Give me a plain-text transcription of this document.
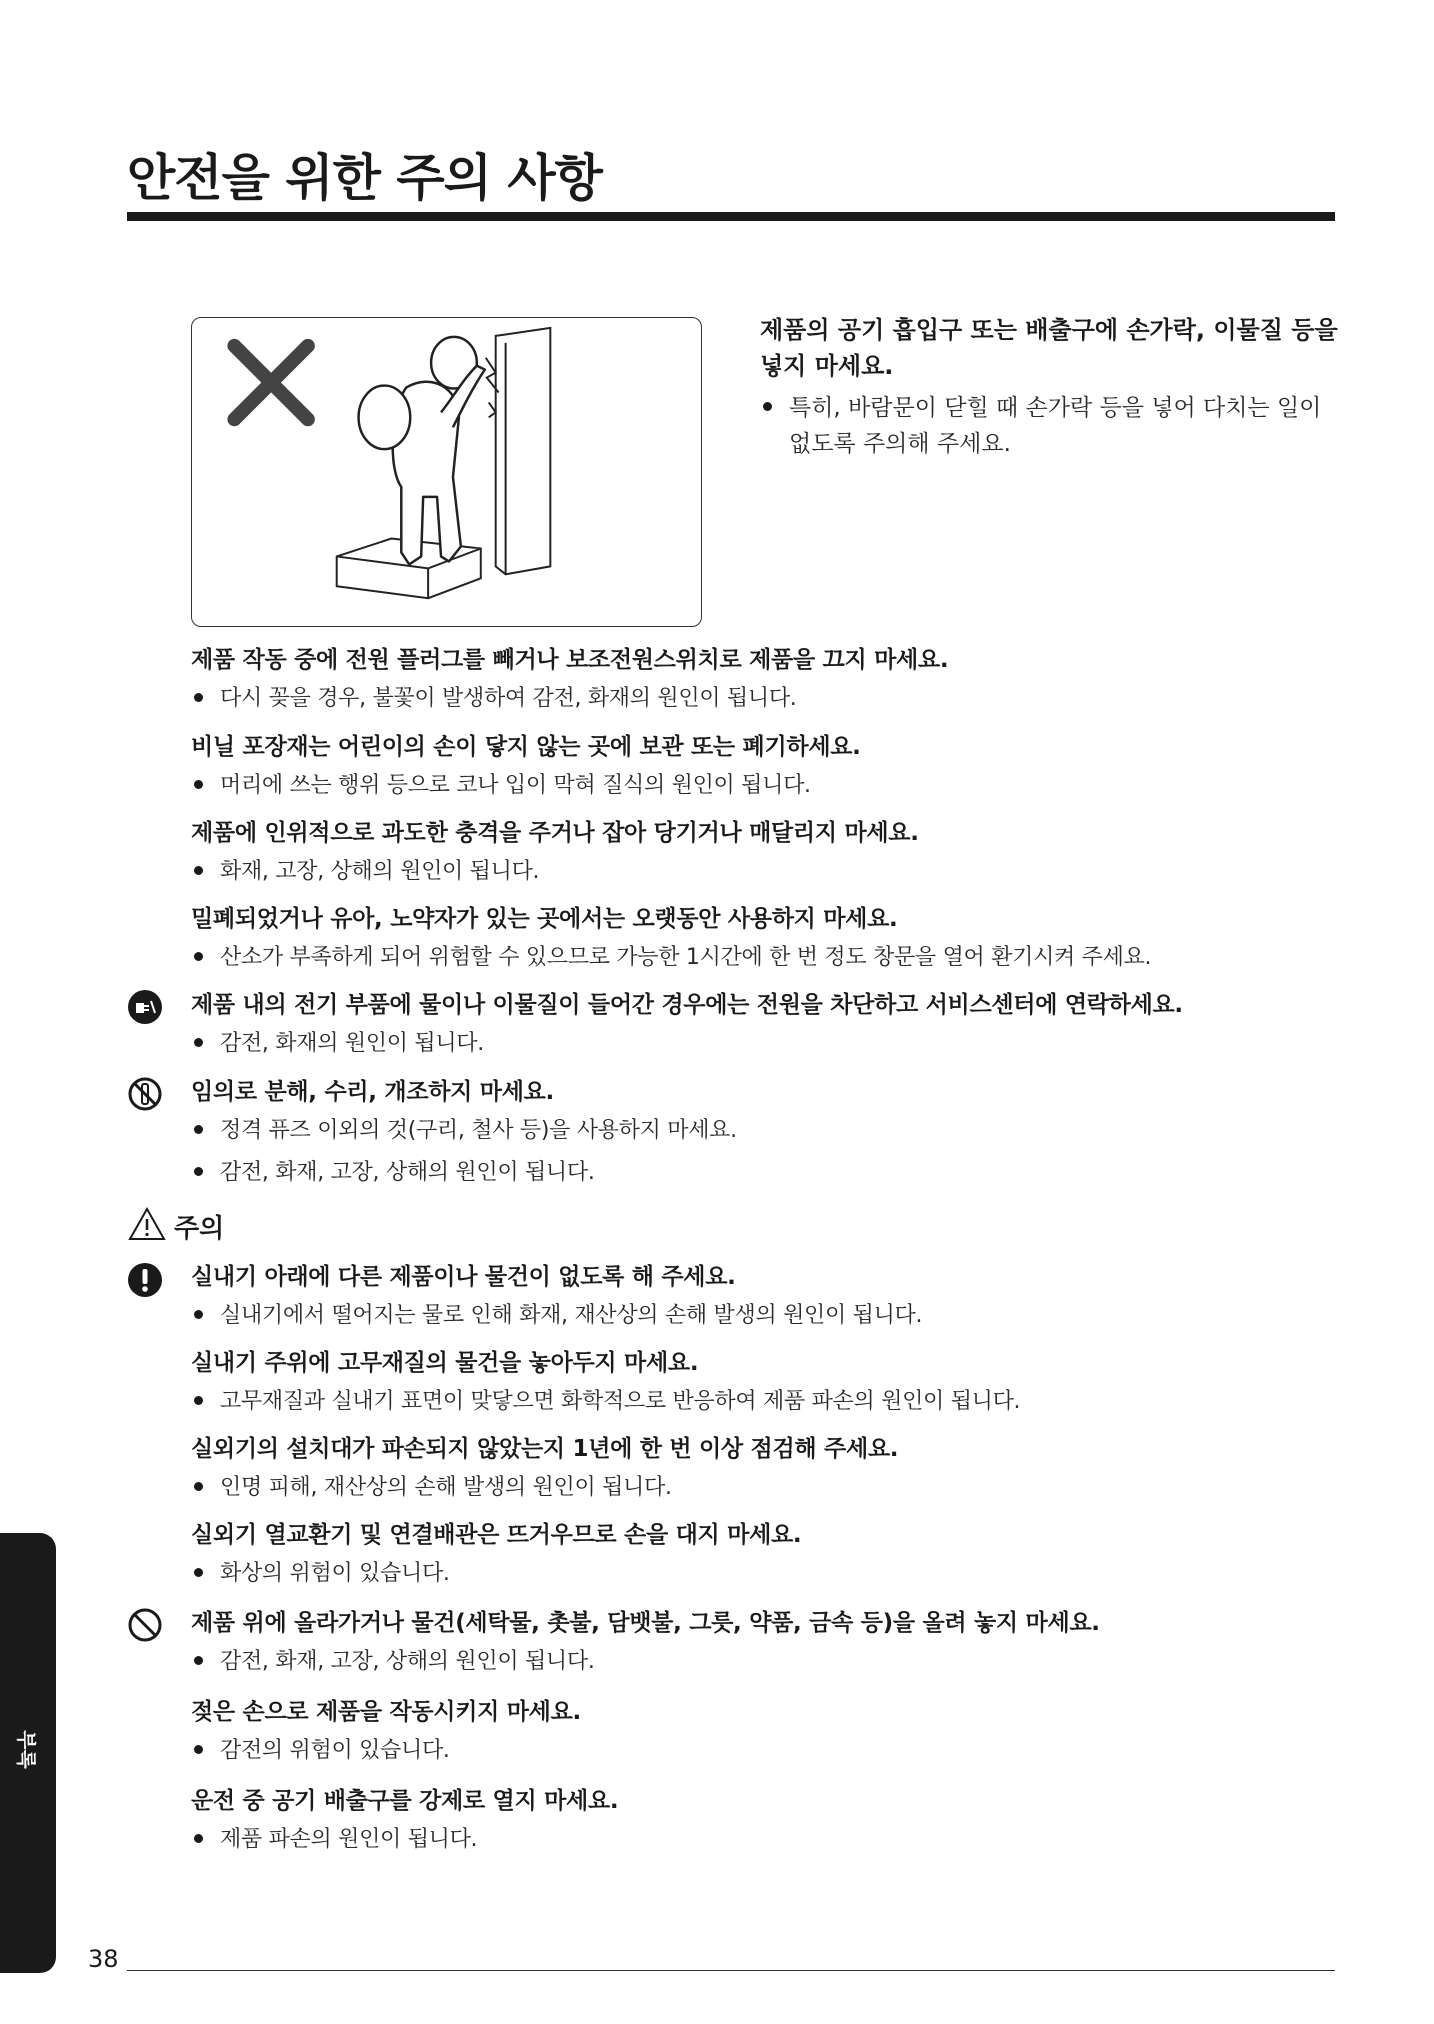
안전을 위한 주의 사항
제품의 공기 흡입구 또는 배출구에 손가락, 이물질 등을 넣지 마세요.
특히, 바람문이 닫힐 때 손가락 등을 넣어 다치는 일이 없도록 주의해 주세요.
제품 작동 중에 전원 플러그를 빼거나 보조전원스위치로 제품을 끄지 마세요.
다시 꽂을 경우, 불꽃이 발생하여 감전, 화재의 원인이 됩니다.
비닐 포장재는 어린이의 손이 닿지 않는 곳에 보관 또는 폐기하세요.
머리에 쓰는 행위 등으로 코나 입이 막혀 질식의 원인이 됩니다.
제품에 인위적으로 과도한 충격을 주거나 잡아 당기거나 매달리지 마세요.
화재, 고장, 상해의 원인이 됩니다.
밀폐되었거나 유아, 노약자가 있는 곳에서는 오랫동안 사용하지 마세요.
산소가 부족하게 되어 위험할 수 있으므로 가능한 1시간에 한 번 정도 창문을 열어 환기시켜 주세요.
제품 내의 전기 부품에 물이나 이물질이 들어간 경우에는 전원을 차단하고 서비스센터에 연락하세요.
감전, 화재의 원인이 됩니다.
임의로 분해, 수리, 개조하지 마세요.
정격 퓨즈 이외의 것(구리, 철사 등)을 사용하지 마세요.
감전, 화재, 고장, 상해의 원인이 됩니다.
주의
실내기 아래에 다른 제품이나 물건이 없도록 해 주세요.
실내기에서 떨어지는 물로 인해 화재, 재산상의 손해 발생의 원인이 됩니다.
실내기 주위에 고무재질의 물건을 놓아두지 마세요.
고무재질과 실내기 표면이 맞닿으면 화학적으로 반응하여 제품 파손의 원인이 됩니다.
실외기의 설치대가 파손되지 않았는지 1년에 한 번 이상 점검해 주세요.
인명 피해, 재산상의 손해 발생의 원인이 됩니다.
실외기 열교환기 및 연결배관은 뜨거우므로 손을 대지 마세요.
화상의 위험이 있습니다.
제품 위에 올라가거나 물건(세탁물, 촛불, 담뱃불, 그릇, 약품, 금속 등)을 올려 놓지 마세요.
감전, 화재, 고장, 상해의 원인이 됩니다.
젖은 손으로 제품을 작동시키지 마세요.
감전의 위험이 있습니다.
운전 중 공기 배출구를 강제로 열지 마세요.
제품 파손의 원인이 됩니다.
부록
38
